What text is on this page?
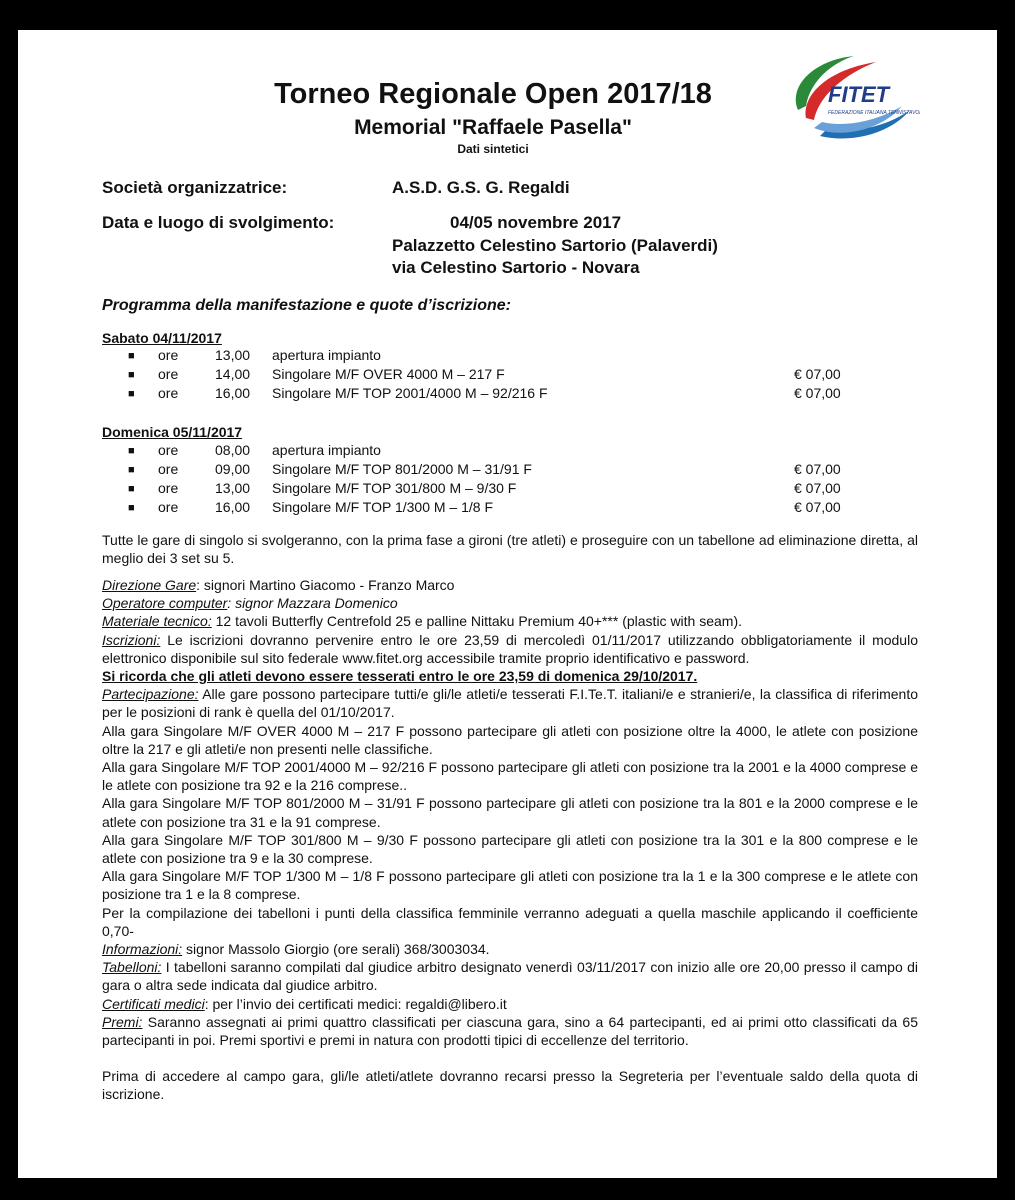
FITET
FEDERAZIONE ITALIANA TENNISTAVOLO
Torneo Regionale Open 2017/18
Memorial "Raffaele Pasella"
Dati sintetici
Società organizzatrice:	A.S.D. G.S. G. Regaldi
Data e luogo di svolgimento:	04/05 novembre 2017
Palazzetto Celestino Sartorio (Palaverdi)
via Celestino Sartorio - Novara
Programma della manifestazione e quote d’iscrizione:
Sabato 04/11/2017
■ ore	13,00 apertura impianto
■ ore	14,00 Singolare M/F OVER 4000 M – 217 F	€ 07,00
■ ore	16,00 Singolare M/F TOP 2001/4000 M – 92/216 F	€ 07,00
Domenica 05/11/2017
■ ore	08,00 apertura impianto
■ ore	09,00 Singolare M/F TOP 801/2000 M – 31/91 F	€ 07,00
■ ore	13,00 Singolare M/F TOP 301/800 M – 9/30 F	€ 07,00
■ ore	16,00 Singolare M/F TOP 1/300 M – 1/8 F	€ 07,00
Tutte le gare di singolo si svolgeranno, con la prima fase a gironi (tre atleti) e proseguire con un tabellone ad eliminazione diretta, al meglio dei 3 set su 5.
Direzione Gare: signori Martino Giacomo - Franzo Marco
Operatore computer: signor Mazzara Domenico
Materiale tecnico: 12 tavoli Butterfly Centrefold 25 e palline Nittaku Premium 40+*** (plastic with seam).
Iscrizioni: Le iscrizioni dovranno pervenire entro le ore 23,59 di mercoledì 01/11/2017 utilizzando obbligatoriamente il modulo elettronico disponibile sul sito federale www.fitet.org accessibile tramite proprio identificativo e password.
Si ricorda che gli atleti devono essere tesserati entro le ore 23,59 di domenica 29/10/2017.
Partecipazione: Alle gare possono partecipare tutti/e gli/le atleti/e tesserati F.I.Te.T. italiani/e e stranieri/e, la classifica di riferimento per le posizioni di rank è quella del 01/10/2017.
Alla gara Singolare M/F OVER 4000 M – 217 F possono partecipare gli atleti con posizione oltre la 4000, le atlete con posizione oltre la 217 e gli atleti/e non presenti nelle classifiche.
Alla gara Singolare M/F TOP 2001/4000 M – 92/216 F possono partecipare gli atleti con posizione tra la 2001 e la 4000 comprese e le atlete con posizione tra 92 e la 216 comprese..
Alla gara Singolare M/F TOP 801/2000 M – 31/91 F possono partecipare gli atleti con posizione tra la 801 e la 2000 comprese e le atlete con posizione tra 31 e la 91 comprese.
Alla gara Singolare M/F TOP 301/800 M – 9/30 F possono partecipare gli atleti con posizione tra la 301 e la 800 comprese e le atlete con posizione tra 9 e la 30 comprese.
Alla gara Singolare M/F TOP 1/300 M – 1/8 F possono partecipare gli atleti con posizione tra la 1 e la 300 comprese e le atlete con posizione tra 1 e la 8 comprese.
Per la compilazione dei tabelloni i punti della classifica femminile verranno adeguati a quella maschile applicando il coefficiente 0,70-
Informazioni: signor Massolo Giorgio (ore serali) 368/3003034.
Tabelloni: I tabelloni saranno compilati dal giudice arbitro designato venerdì 03/11/2017 con inizio alle ore 20,00 presso il campo di gara o altra sede indicata dal giudice arbitro.
Certificati medici: per l’invio dei certificati medici: regaldi@libero.it
Premi: Saranno assegnati ai primi quattro classificati per ciascuna gara, sino a 64 partecipanti, ed ai primi otto classificati da 65 partecipanti in poi. Premi sportivi e premi in natura con prodotti tipici di eccellenze del territorio.
Prima di accedere al campo gara, gli/le atleti/atlete dovranno recarsi presso la Segreteria per l’eventuale saldo della quota di iscrizione.
